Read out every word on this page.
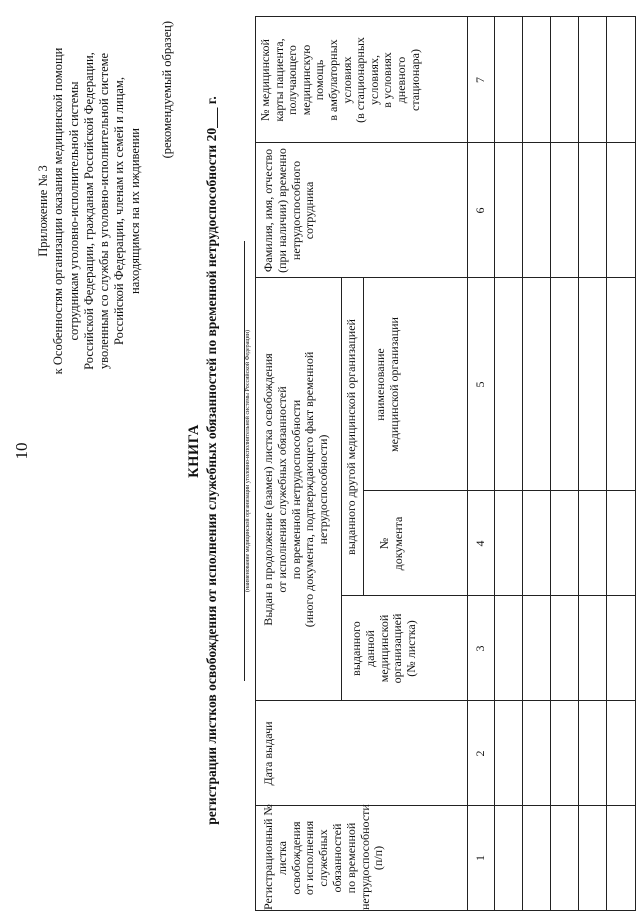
10
Приложение № 3 к Особенностям организации оказания медицинской помощи сотрудникам уголовно-исполнительной системы Российской Федерации, гражданам Российской Федерации, уволенным со службы в уголовно-исполнительной системе Российской Федерации, членам их семей и лицам, находящимся на их иждивении
(рекомендуемый образец)
КНИГА регистрации листков освобождения от исполнения служебных обязанностей по временной нетрудоспособности 20___ г.	(наименование медицинской организации уголовно-исполнительной системы Российской Федерации)
Регистрационный № листка освобождения от исполнения служебных обязанностей по временной нетрудоспособности (п/п)
Дата выдачи
Выдан в продолжение (взамен) листка освобождения от исполнения служебных обязанностей по временной нетрудоспособности (иного документа, подтверждающего факт временной нетрудоспособности)
выданного данной медицинской организацией (№ листка)
выданного другой медицинской организацией № документа
наименование медицинской организации
Фамилия, имя, отчество (при наличии) временно нетрудоспособного сотрудника
№ медицинской карты пациента, получающего медицинскую помощь в амбулаторных условиях (в стационарных условиях, в условиях дневного стационара)
1
2
3
4
5
6
7
